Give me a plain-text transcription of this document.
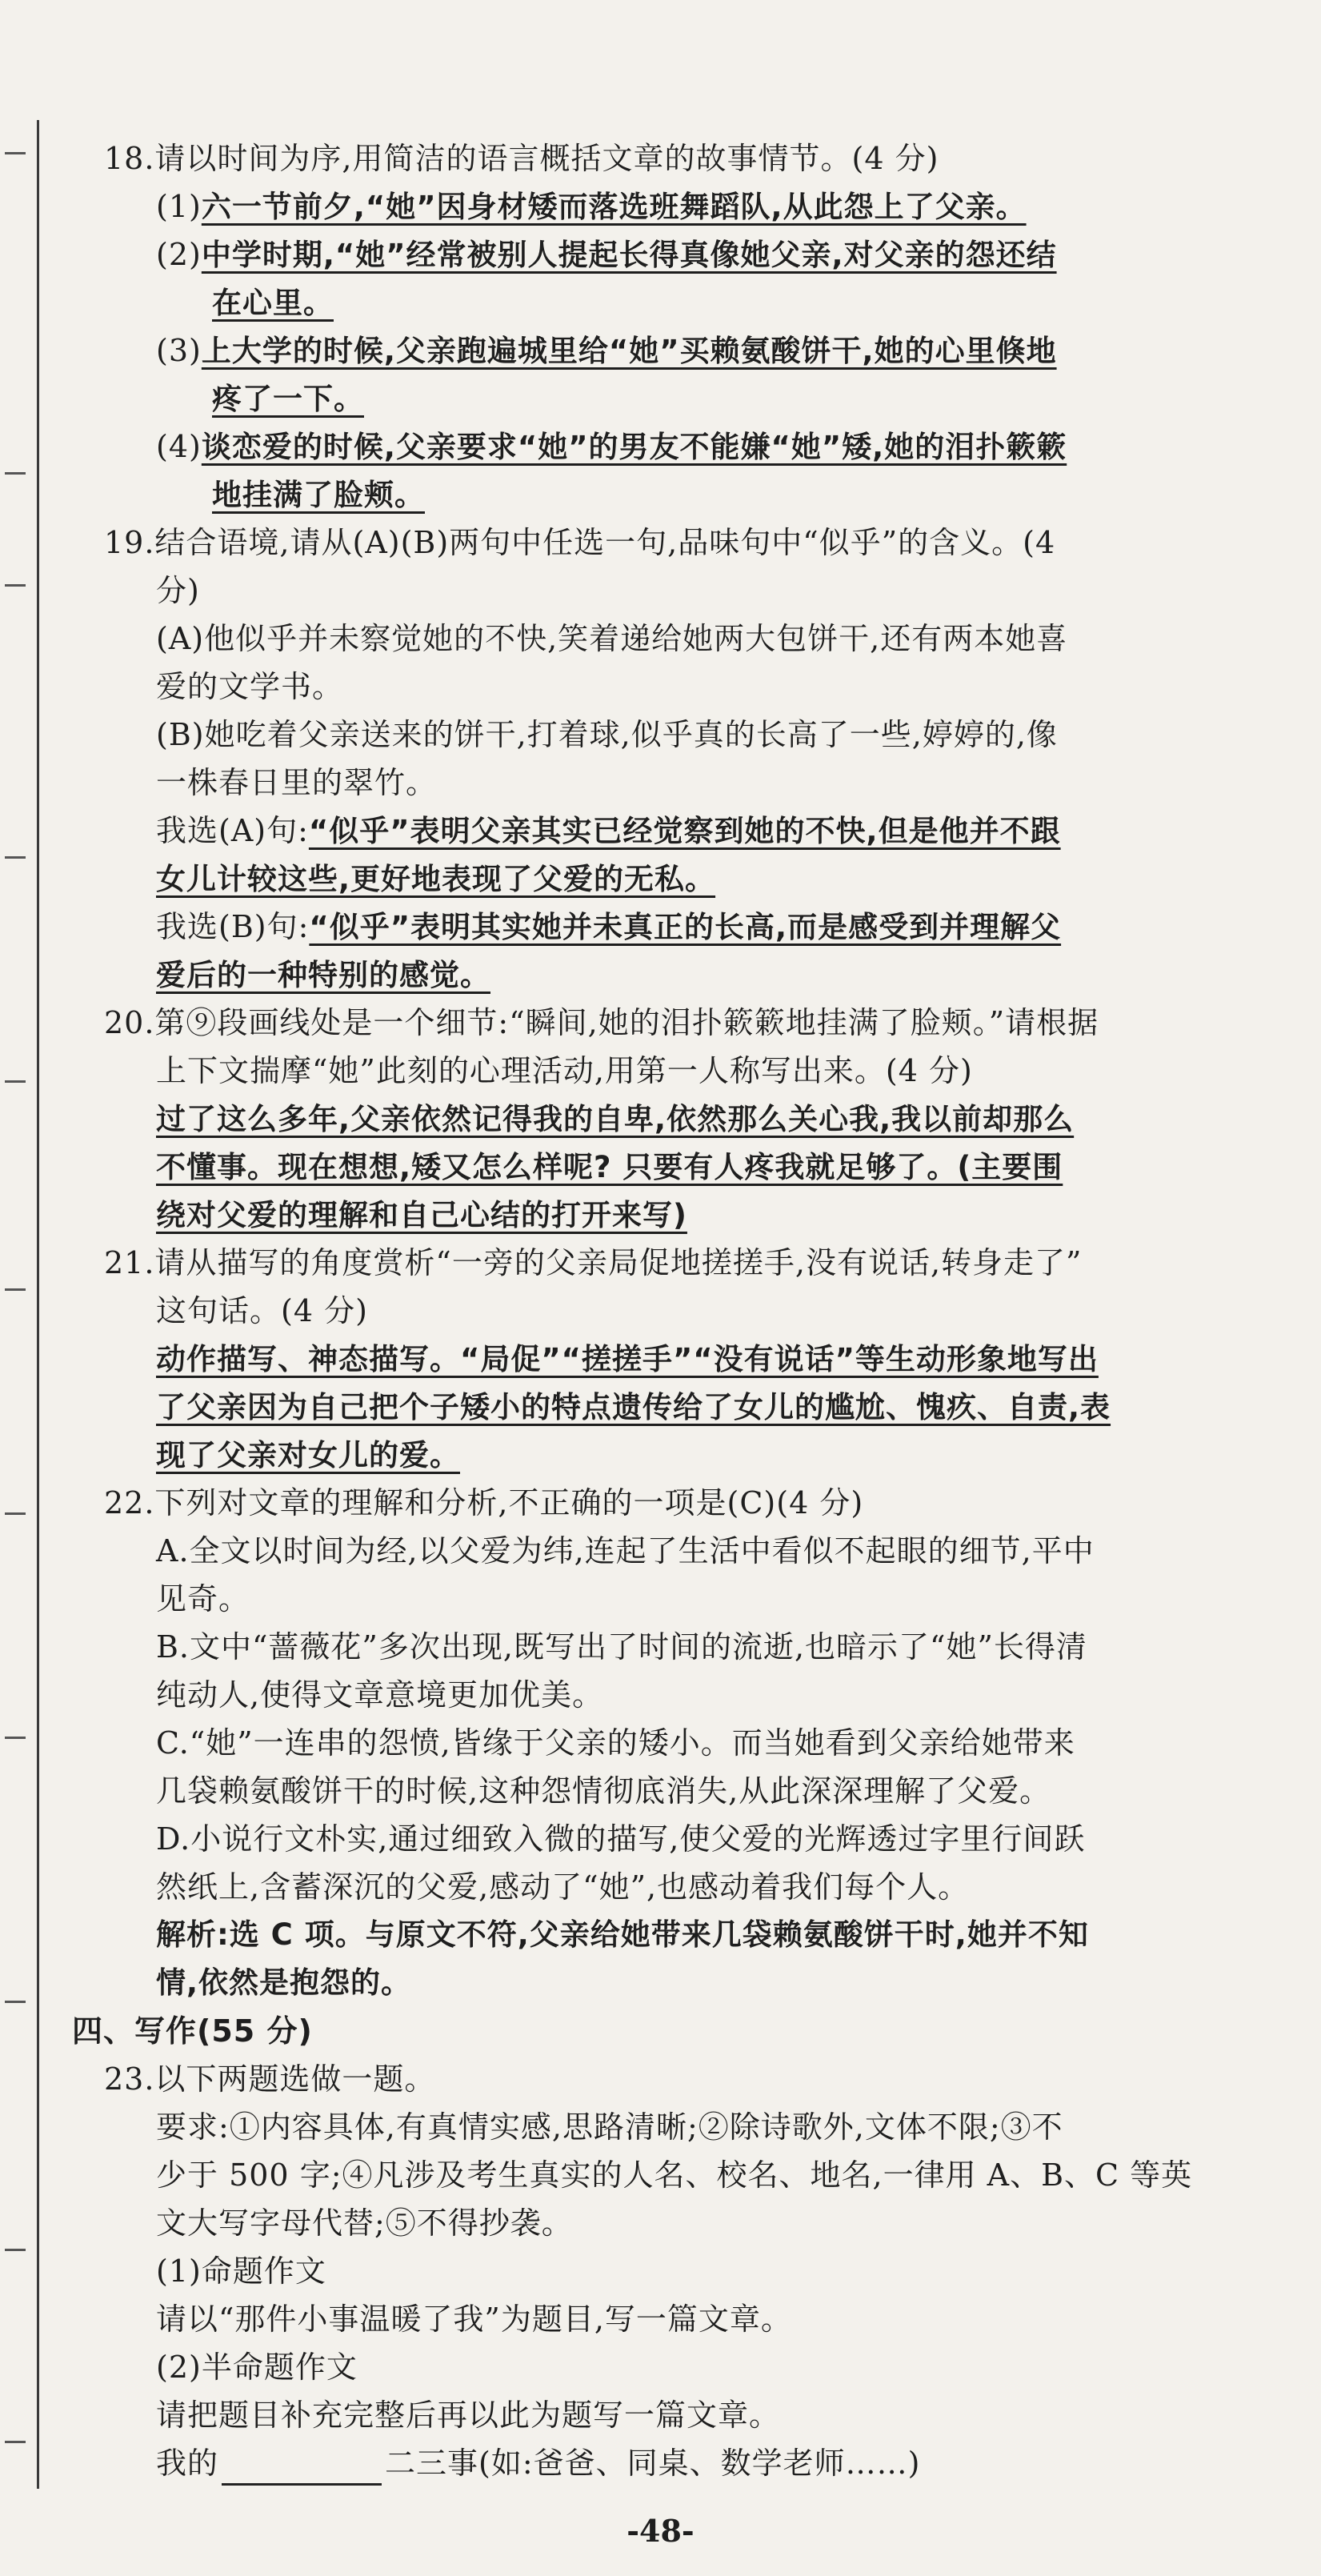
18.请以时间为序,用简洁的语言概括文章的故事情节。(4 分)
(1)六一节前夕,“她”因身材矮而落选班舞蹈队,从此怨上了父亲。
(2)中学时期,“她”经常被别人提起长得真像她父亲,对父亲的怨还结
在心里。
(3)上大学的时候,父亲跑遍城里给“她”买赖氨酸饼干,她的心里倏地
疼了一下。
(4)谈恋爱的时候,父亲要求“她”的男友不能嫌“她”矮,她的泪扑簌簌
地挂满了脸颊。
19.结合语境,请从(A)(B)两句中任选一句,品味句中“似乎”的含义。(4
分)
(A)他似乎并未察觉她的不快,笑着递给她两大包饼干,还有两本她喜
爱的文学书。
(B)她吃着父亲送来的饼干,打着球,似乎真的长高了一些,婷婷的,像
一株春日里的翠竹。
我选(A)句:“似乎”表明父亲其实已经觉察到她的不快,但是他并不跟
女儿计较这些,更好地表现了父爱的无私。
我选(B)句:“似乎”表明其实她并未真正的长高,而是感受到并理解父
爱后的一种特别的感觉。
20.第⑨段画线处是一个细节:“瞬间,她的泪扑簌簌地挂满了脸颊。”请根据
上下文揣摩“她”此刻的心理活动,用第一人称写出来。(4 分)
过了这么多年,父亲依然记得我的自卑,依然那么关心我,我以前却那么
不懂事。现在想想,矮又怎么样呢? 只要有人疼我就足够了。(主要围
绕对父爱的理解和自己心结的打开来写)
21.请从描写的角度赏析“一旁的父亲局促地搓搓手,没有说话,转身走了”
这句话。(4 分)
动作描写、神态描写。“局促”“搓搓手”“没有说话”等生动形象地写出
了父亲因为自己把个子矮小的特点遗传给了女儿的尴尬、愧疚、自责,表
现了父亲对女儿的爱。
22.下列对文章的理解和分析,不正确的一项是(C)(4 分)
A.全文以时间为经,以父爱为纬,连起了生活中看似不起眼的细节,平中
见奇。
B.文中“蔷薇花”多次出现,既写出了时间的流逝,也暗示了“她”长得清
纯动人,使得文章意境更加优美。
C.“她”一连串的怨愤,皆缘于父亲的矮小。而当她看到父亲给她带来
几袋赖氨酸饼干的时候,这种怨情彻底消失,从此深深理解了父爱。
D.小说行文朴实,通过细致入微的描写,使父爱的光辉透过字里行间跃
然纸上,含蓄深沉的父爱,感动了“她”,也感动着我们每个人。
解析:选 C 项。与原文不符,父亲给她带来几袋赖氨酸饼干时,她并不知
情,依然是抱怨的。
四、写作(55 分)
23.以下两题选做一题。
要求:①内容具体,有真情实感,思路清晰;②除诗歌外,文体不限;③不
少于 500 字;④凡涉及考生真实的人名、校名、地名,一律用 A、B、C 等英
文大写字母代替;⑤不得抄袭。
(1)命题作文
请以“那件小事温暖了我”为题目,写一篇文章。
(2)半命题作文
请把题目补充完整后再以此为题写一篇文章。
我的	二三事(如:爸爸、同桌、数学老师……)
-48-
